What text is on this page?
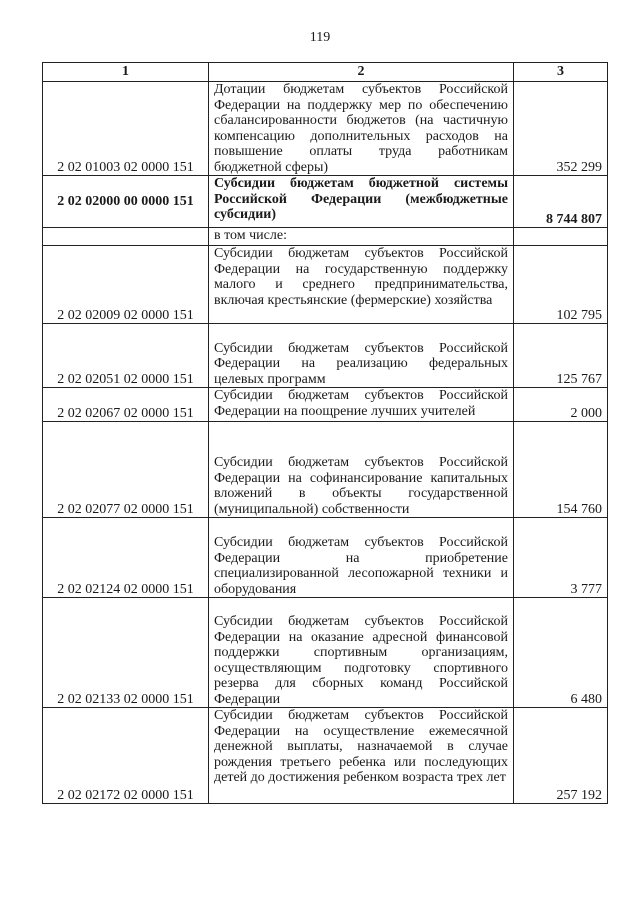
119
1	2	3
2 02 01003 02 0000 151	Дотации бюджетам субъектов Российской Федерации на поддержку мер по обеспечению сбалансированности бюджетов (на частичную компенсацию дополнительных расходов на повышение оплаты труда работникам бюджетной сферы)	352 299
2 02 02000 00 0000 151	Субсидии бюджетам бюджетной системы Российской Федерации (межбюджетные субсидии)	8 744 807
	в том числе:	
2 02 02009 02 0000 151	Субсидии бюджетам субъектов Российской Федерации на государственную поддержку малого и среднего предпринимательства, включая крестьянские (фермерские) хозяйства	102 795
2 02 02051 02 0000 151	Субсидии бюджетам субъектов Российской Федерации на реализацию федеральных целевых программ	125 767
2 02 02067 02 0000 151	Субсидии бюджетам субъектов Российской Федерации на поощрение лучших учителей	2 000
2 02 02077 02 0000 151	Субсидии бюджетам субъектов Российской Федерации на софинансирование капитальных вложений в объекты государственной (муниципальной) собственности	154 760
2 02 02124 02 0000 151	Субсидии бюджетам субъектов Российской Федерации на приобретение специализированной лесопожарной техники и оборудования	3 777
2 02 02133 02 0000 151	Субсидии бюджетам субъектов Российской Федерации на оказание адресной финансовой поддержки спортивным организациям, осуществляющим подготовку спортивного резерва для сборных команд Российской Федерации	6 480
2 02 02172 02 0000 151	Субсидии бюджетам субъектов Российской Федерации на осуществление ежемесячной денежной выплаты, назначаемой в случае рождения третьего ребенка или последующих детей до достижения ребенком возраста трех лет	257 192
